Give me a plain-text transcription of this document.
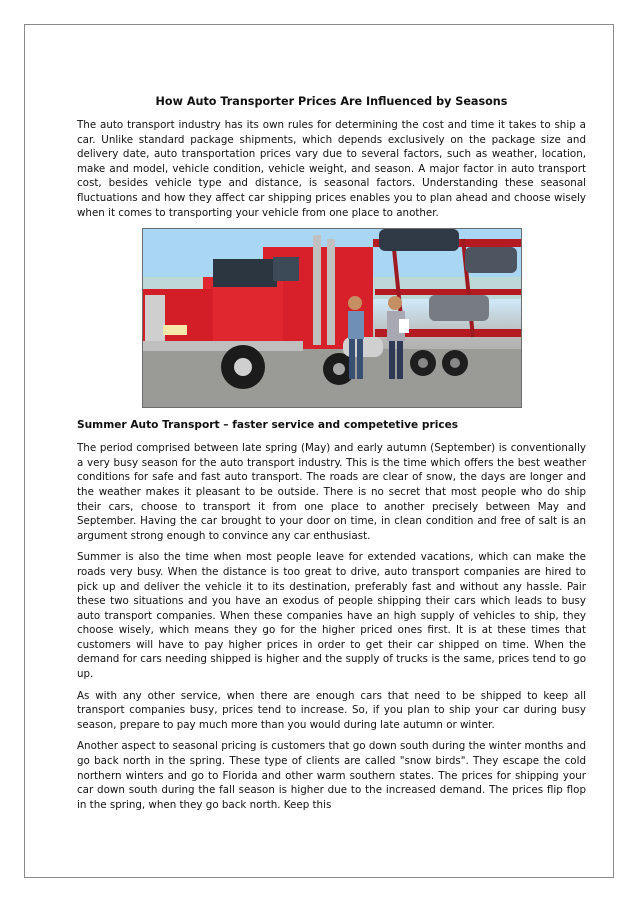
How Auto Transporter Prices Are Influenced by Seasons

The auto transport industry has its own rules for determining the cost and time it takes to ship a car. Unlike standard package shipments, which depends exclusively on the package size and delivery date, auto transportation prices vary due to several factors, such as weather, location, make and model, vehicle condition, vehicle weight, and season. A major factor in auto transport cost, besides vehicle type and distance, is seasonal factors. Understanding these seasonal fluctuations and how they affect car shipping prices enables you to plan ahead and choose wisely when it comes to transporting your vehicle from one place to another.

Summer Auto Transport – faster service and competetive prices

The period comprised between late spring (May) and early autumn (September) is conventionally a very busy season for the auto transport industry. This is the time which offers the best weather conditions for safe and fast auto transport. The roads are clear of snow, the days are longer and the weather makes it pleasant to be outside. There is no secret that most people who do ship their cars, choose to transport it from one place to another precisely between May and September. Having the car brought to your door on time, in clean condition and free of salt is an argument strong enough to convince any car enthusiast.

Summer is also the time when most people leave for extended vacations, which can make the roads very busy. When the distance is too great to drive, auto transport companies are hired to pick up and deliver the vehicle it to its destination, preferably fast and without any hassle. Pair these two situations and you have an exodus of people shipping their cars which leads to busy auto transport companies. When these companies have an high supply of vehicles to ship, they choose wisely, which means they go for the higher priced ones first. It is at these times that customers will have to pay higher prices in order to get their car shipped on time. When the demand for cars needing shipped is higher and the supply of trucks is the same, prices tend to go up.

As with any other service, when there are enough cars that need to be shipped to keep all transport companies busy, prices tend to increase. So, if you plan to ship your car during busy season, prepare to pay much more than you would during late autumn or winter.

Another aspect to seasonal pricing is customers that go down south during the winter months and go back north in the spring. These type of clients are called "snow birds". They escape the cold northern winters and go to Florida and other warm southern states. The prices for shipping your car down south during the fall season is higher due to the increased demand. The prices flip flop in the spring, when they go back north. Keep this
